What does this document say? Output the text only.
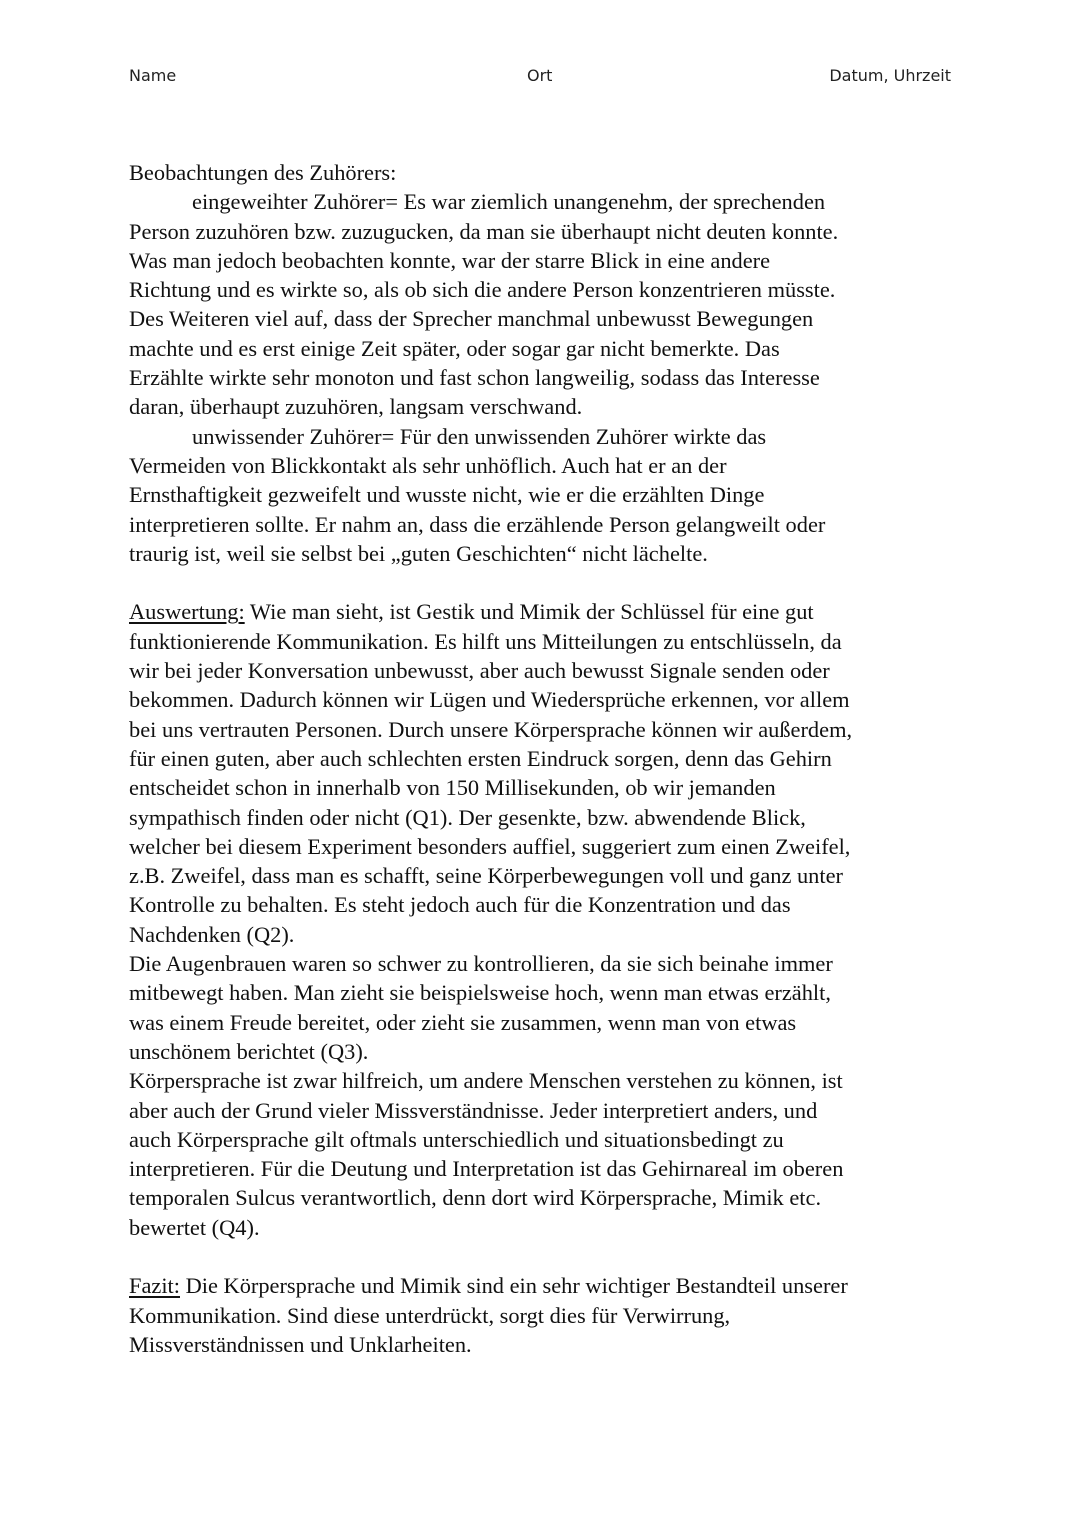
Name	Ort	Datum, Uhrzeit

Beobachtungen des Zuhörers:

eingeweihter Zuhörer= Es war ziemlich unangenehm, der sprechenden
Person zuzuhören bzw. zuzugucken, da man sie überhaupt nicht deuten konnte.
Was man jedoch beobachten konnte, war der starre Blick in eine andere
Richtung und es wirkte so, als ob sich die andere Person konzentrieren müsste.
Des Weiteren viel auf, dass der Sprecher manchmal unbewusst Bewegungen
machte und es erst einige Zeit später, oder sogar gar nicht bemerkte. Das
Erzählte wirkte sehr monoton und fast schon langweilig, sodass das Interesse
daran, überhaupt zuzuhören, langsam verschwand.

unwissender Zuhörer= Für den unwissenden Zuhörer wirkte das
Vermeiden von Blickkontakt als sehr unhöflich. Auch hat er an der
Ernsthaftigkeit gezweifelt und wusste nicht, wie er die erzählten Dinge
interpretieren sollte. Er nahm an, dass die erzählende Person gelangweilt oder
traurig ist, weil sie selbst bei „guten Geschichten“ nicht lächelte.

Auswertung: Wie man sieht, ist Gestik und Mimik der Schlüssel für eine gut
funktionierende Kommunikation. Es hilft uns Mitteilungen zu entschlüsseln, da
wir bei jeder Konversation unbewusst, aber auch bewusst Signale senden oder
bekommen. Dadurch können wir Lügen und Wiedersprüche erkennen, vor allem
bei uns vertrauten Personen. Durch unsere Körpersprache können wir außerdem,
für einen guten, aber auch schlechten ersten Eindruck sorgen, denn das Gehirn
entscheidet schon in innerhalb von 150 Millisekunden, ob wir jemanden
sympathisch finden oder nicht (Q1). Der gesenkte, bzw. abwendende Blick,
welcher bei diesem Experiment besonders auffiel, suggeriert zum einen Zweifel,
z.B. Zweifel, dass man es schafft, seine Körperbewegungen voll und ganz unter
Kontrolle zu behalten. Es steht jedoch auch für die Konzentration und das
Nachdenken (Q2).

Die Augenbrauen waren so schwer zu kontrollieren, da sie sich beinahe immer
mitbewegt haben. Man zieht sie beispielsweise hoch, wenn man etwas erzählt,
was einem Freude bereitet, oder zieht sie zusammen, wenn man von etwas
unschönem berichtet (Q3).

Körpersprache ist zwar hilfreich, um andere Menschen verstehen zu können, ist
aber auch der Grund vieler Missverständnisse. Jeder interpretiert anders, und
auch Körpersprache gilt oftmals unterschiedlich und situationsbedingt zu
interpretieren. Für die Deutung und Interpretation ist das Gehirnareal im oberen
temporalen Sulcus verantwortlich, denn dort wird Körpersprache, Mimik etc.
bewertet (Q4).

Fazit: Die Körpersprache und Mimik sind ein sehr wichtiger Bestandteil unserer
Kommunikation. Sind diese unterdrückt, sorgt dies für Verwirrung,
Missverständnissen und Unklarheiten.
